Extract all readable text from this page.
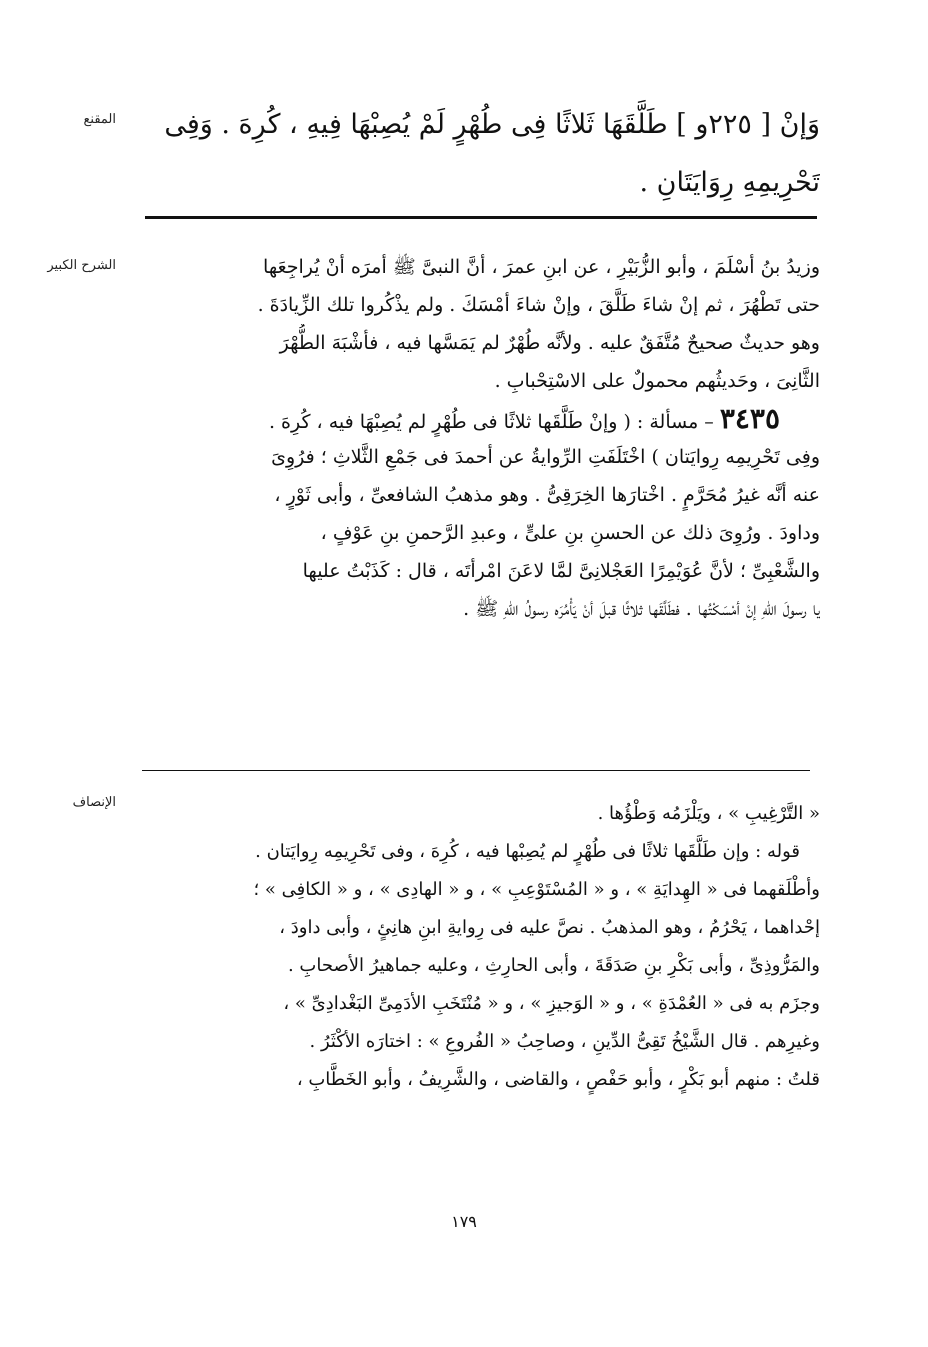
المقنع
الشرح الكبير
الإنصاف
وَإنْ [ ٢٢٥و ] طَلَّقَهَا ثَلاثًا فِى طُهْرٍ لَمْ يُصِبْهَا فِيهِ ، كُرِهَ . وَفِى
تَحْرِيمِهِ رِوَايَتَانِ .
وزيدُ بنُ أسْلَمَ ، وأبو الزُّبَيْرِ ، عن ابنِ عمرَ ، أنَّ النبىَّ ﷺ أمرَه أنْ يُراجِعَها
حتى تَطْهُرَ ، ثم إنْ شاءَ طَلَّقَ ، وإنْ شاءَ أمْسَكَ . ولم يذْكُروا تلك الزِّيادَةَ .
وهو حديثٌ صحيحٌ مُتَّفَقٌ عليه . ولأنَّه طُهْرٌ لم يَمَسَّها فيه ، فأشْبَهَ الطُّهْرَ
الثَّانِىَ ، وحَديثُهم محمولٌ على الاسْتِحْبابِ .
٣٤٣٥ – مسألة : ( وإنْ طَلَّقَها ثلاثًا فى طُهْرٍ لم يُصِبْهَا فيه ، كُرِهَ .
وفِى تَحْرِيمِه رِوايَتان ) اخْتَلَفَتِ الرِّوايةُ عن أحمدَ فى جَمْعِ الثَّلاثِ ؛ فرُوِىَ
عنه أنَّه غيرُ مُحَرَّمٍ . اخْتارَها الخِرَقِىُّ . وهو مذهبُ الشافعىِّ ، وأبى ثَوْرٍ ،
وداودَ . ورُوِىَ ذلك عن الحسنِ بنِ علىٍّ ، وعبدِ الرَّحمنِ بنِ عَوْفٍ ،
والشَّعْبِىِّ ؛ لأنَّ عُوَيْمِرًا العَجْلانِىَّ لمَّا لاعَنَ امْرأتَه ، قال : كَذَبْتُ عليها
يا رسولَ اللهِ إنْ أمْسَكْتُها . فطَلَّقَها ثلاثًا قبلَ أنْ يَأْمُرَه رسولُ اللهِ ﷺ .
« التَّرْغِيبِ » ، ويَلْزَمُه وَطْؤُها .
قوله : وإن طَلَّقَها ثلاثًا فى طُهْرٍ لم يُصِبْها فيه ، كُرِهَ ، وفى تَحْرِيمِه رِوايَتان .
وأطْلَقهما فى « الهِدايَةِ » ، و « المُسْتَوْعِبِ » ، و « الهادِى » ، و « الكافِى » ؛
إحْداهما ، يَحْرُمُ ، وهو المذهبُ . نصَّ عليه فى رِوايةِ ابنِ هانِئٍ ، وأبى داودَ ،
والمَرُّوذِىِّ ، وأبى بَكْرِ بنِ صَدَقَةَ ، وأبى الحارِثِ ، وعليه جماهيرُ الأصحابِ .
وجزَم به فى « العُمْدَةِ » ، و « الوَجيزِ » ، و « مُنْتَخَبِ الأدَمِىِّ البَغْدادِىِّ » ،
وغيرِهم . قال الشَّيْخُ تَقِىُّ الدِّينِ ، وصاحِبُ « الفُروعِ » : اختارَه الأكْثَرُ .
قلتُ : منهم أبو بَكْرٍ ، وأبو حَفْصٍ ، والقاضى ، والشَّرِيفُ ، وأبو الخَطَّابِ ،
١٧٩
